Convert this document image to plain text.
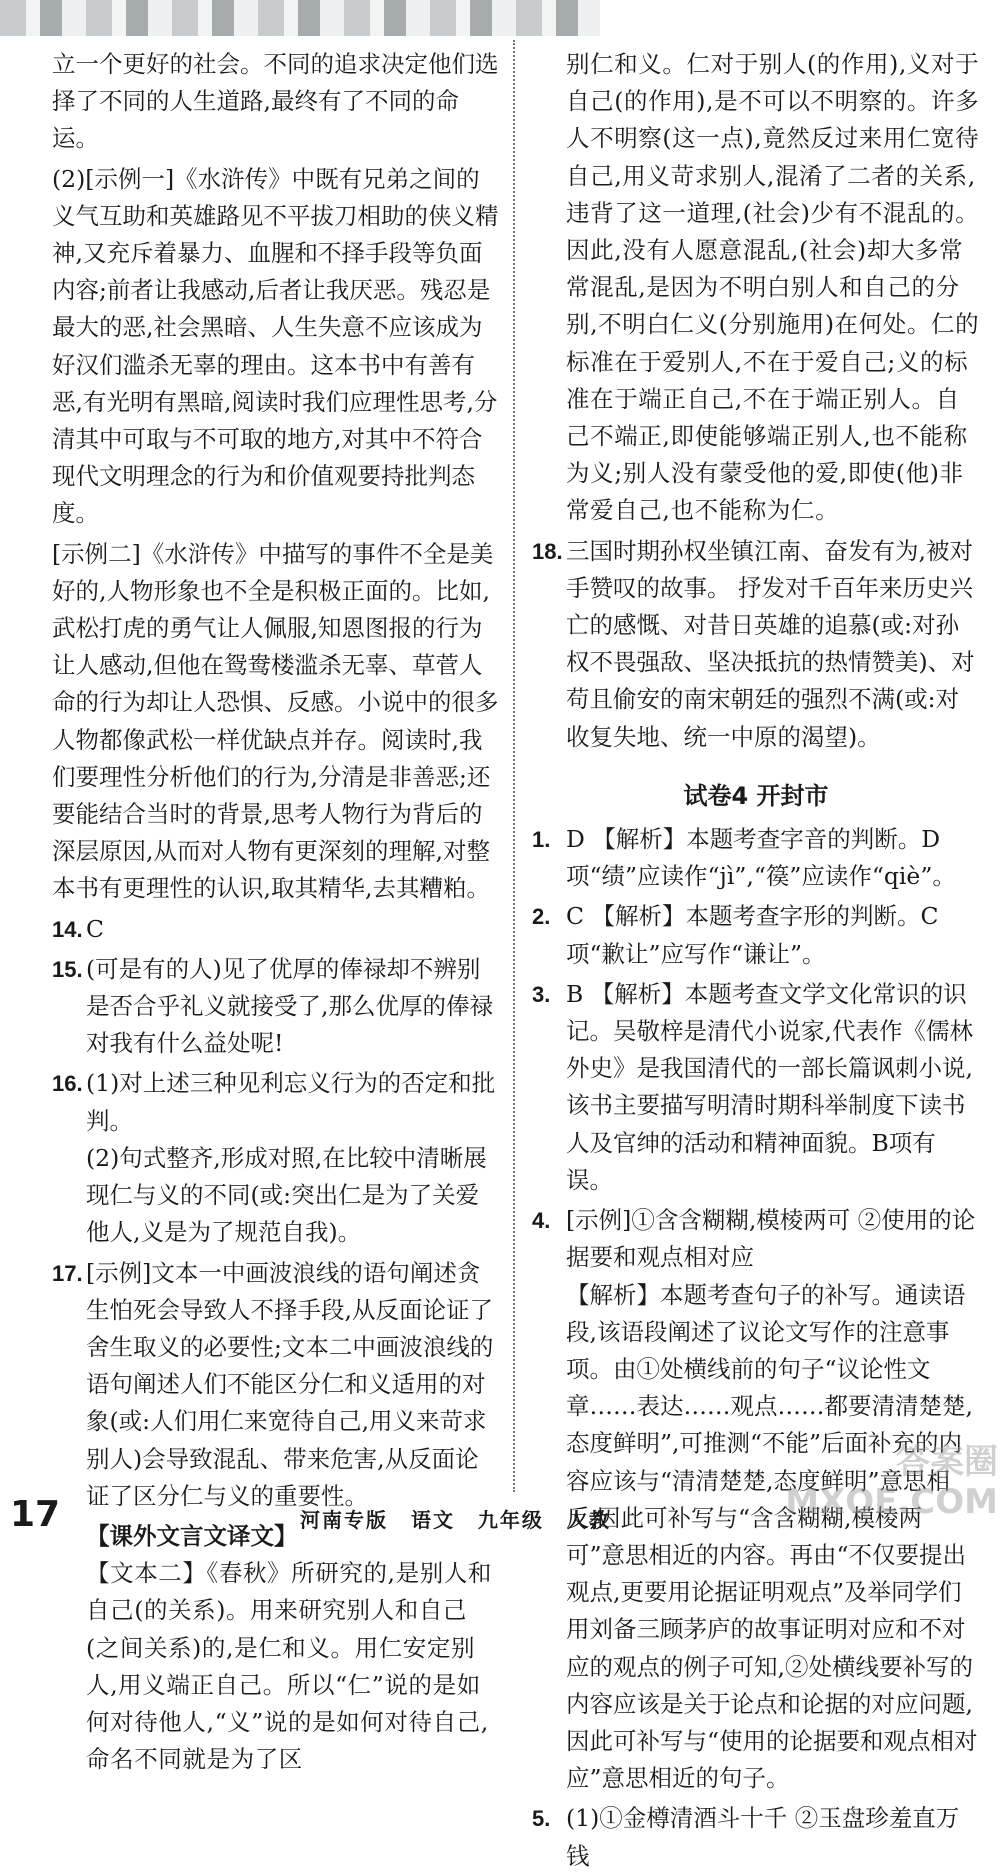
立一个更好的社会。不同的追求决定他们选择了不同的人生道路,最终有了不同的命运。

(2)[示例一]《水浒传》中既有兄弟之间的义气互助和英雄路见不平拔刀相助的侠义精神,又充斥着暴力、血腥和不择手段等负面内容;前者让我感动,后者让我厌恶。残忍是最大的恶,社会黑暗、人生失意不应该成为好汉们滥杀无辜的理由。这本书中有善有恶,有光明有黑暗,阅读时我们应理性思考,分清其中可取与不可取的地方,对其中不符合现代文明理念的行为和价值观要持批判态度。

[示例二]《水浒传》中描写的事件不全是美好的,人物形象也不全是积极正面的。比如,武松打虎的勇气让人佩服,知恩图报的行为让人感动,但他在鸳鸯楼滥杀无辜、草菅人命的行为却让人恐惧、反感。小说中的很多人物都像武松一样优缺点并存。阅读时,我们要理性分析他们的行为,分清是非善恶;还要能结合当时的背景,思考人物行为背后的深层原因,从而对人物有更深刻的理解,对整本书有更理性的认识,取其精华,去其糟粕。

14. C
15. (可是有的人)见了优厚的俸禄却不辨别是否合乎礼义就接受了,那么优厚的俸禄对我有什么益处呢!
16. (1)对上述三种见利忘义行为的否定和批判。
(2)句式整齐,形成对照,在比较中清晰展现仁与义的不同(或:突出仁是为了关爱他人,义是为了规范自我)。
17. [示例]文本一中画波浪线的语句阐述贪生怕死会导致人不择手段,从反面论证了舍生取义的必要性;文本二中画波浪线的语句阐述人们不能区分仁和义适用的对象(或:人们用仁来宽待自己,用义来苛求别人)会导致混乱、带来危害,从反面论证了区分仁与义的重要性。
【课外文言文译文】
【文本二】《春秋》所研究的,是别人和自己(的关系)。用来研究别人和自己(之间关系)的,是仁和义。用仁安定别人,用义端正自己。所以“仁”说的是如何对待他人,“义”说的是如何对待自己,命名不同就是为了区
别仁和义。仁对于别人(的作用),义对于自己(的作用),是不可以不明察的。许多人不明察(这一点),竟然反过来用仁宽待自己,用义苛求别人,混淆了二者的关系,违背了这一道理,(社会)少有不混乱的。因此,没有人愿意混乱,(社会)却大多常常混乱,是因为不明白别人和自己的分别,不明白仁义(分别施用)在何处。仁的标准在于爱别人,不在于爱自己;义的标准在于端正自己,不在于端正别人。自己不端正,即使能够端正别人,也不能称为义;别人没有蒙受他的爱,即使(他)非常爱自己,也不能称为仁。
18. 三国时期孙权坐镇江南、奋发有为,被对手赞叹的故事。 抒发对千百年来历史兴亡的感慨、对昔日英雄的追慕(或:对孙权不畏强敌、坚决抵抗的热情赞美)、对苟且偷安的南宋朝廷的强烈不满(或:对收复失地、统一中原的渴望)。
试卷4 开封市
1. D 【解析】本题考查字音的判断。D项“绩”应读作“jì”,“篌”应读作“qiè”。
2. C 【解析】本题考查字形的判断。C项“歉让”应写作“谦让”。
3. B 【解析】本题考查文学文化常识的识记。吴敬梓是清代小说家,代表作《儒林外史》是我国清代的一部长篇讽刺小说,该书主要描写明清时期科举制度下读书人及官绅的活动和精神面貌。B项有误。
4. [示例]①含含糊糊,模棱两可 ②使用的论据要和观点相对应
【解析】本题考查句子的补写。通读语段,该语段阐述了议论文写作的注意事项。由①处横线前的句子“议论性文章……表达……观点……都要清清楚楚,态度鲜明”,可推测“不能”后面补充的内容应该与“清清楚楚,态度鲜明”意思相反,因此可补写与“含含糊糊,模棱两可”意思相近的内容。再由“不仅要提出观点,更要用论据证明观点”及举同学们用刘备三顾茅庐的故事证明对应和不对应的观点的例子可知,②处横线要补写的内容应该是关于论点和论据的对应问题,因此可补写与“使用的论据要和观点相对应”意思相近的句子。
5. (1)①金樽清酒斗十千 ②玉盘珍羞直万钱
17	河南专版 语文 九年级 人教
答案圈
MXQE.COM
